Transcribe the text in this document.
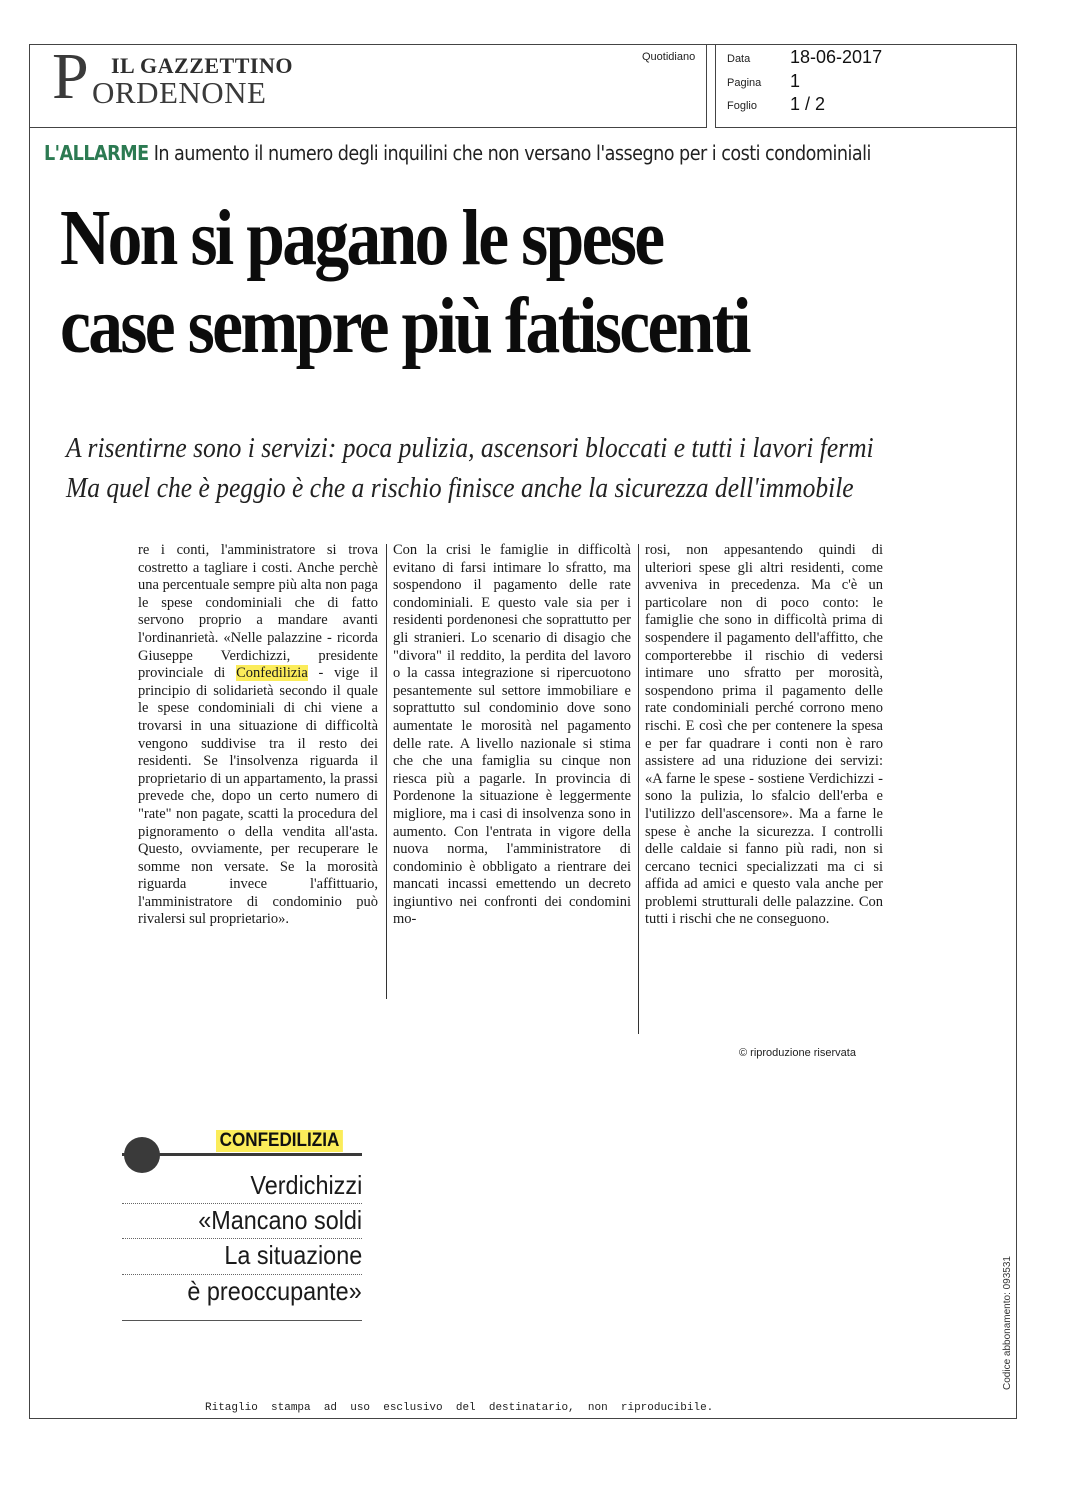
IL GAZZETTINO
P ORDENONE
Quotidiano	Data 18-06-2017
Pagina 1
Foglio 1 / 2
L'ALLARME In aumento il numero degli inquilini che non versano l'assegno per i costi condominiali
Non si pagano le spese
case sempre più fatiscenti
A risentirne sono i servizi: poca pulizia, ascensori bloccati e tutti i lavori fermi
Ma quel che è peggio è che a rischio finisce anche la sicurezza dell'immobile

re i conti, l'amministratore si trova costretto a tagliare i costi. Anche perchè una percentuale sempre più alta non paga le spese condominiali che di fatto servono proprio a mandare avanti l'ordinanrietà. «Nelle palazzine - ricorda Giuseppe Verdichizzi, presidente provinciale di Confedilizia - vige il principio di solidarietà secondo il quale le spese condominiali di chi viene a trovarsi in una situazione di difficoltà vengono suddivise tra il resto dei residenti. Se l'insolvenza riguarda il proprietario di un appartamento, la prassi prevede che, dopo un certo numero di "rate" non pagate, scatti la procedura del pignoramento o della vendita all'asta. Questo, ovviamente, per recuperare le somme non versate. Se la morosità riguarda invece l'affittuario, l'amministratore di condominio può rivalersi sul proprietario».

Con la crisi le famiglie in difficoltà evitano di farsi intimare lo sfratto, ma sospendono il pagamento delle rate condominiali. E questo vale sia per i residenti pordenonesi che soprattutto per gli stranieri. Lo scenario di disagio che "divora" il reddito, la perdita del lavoro o la cassa integrazione si ripercuotono pesantemente sul settore immobiliare e soprattutto sul condominio dove sono aumentate le morosità nel pagamento delle rate. A livello nazionale si stima che che una famiglia su cinque non riesca più a pagarle. In provincia di Pordenone la situazione è leggermente migliore, ma i casi di insolvenza sono in aumento. Con l'entrata in vigore della nuova norma, l'amministratore di condominio è obbligato a rientrare dei mancati incassi emettendo un decreto ingiuntivo nei confronti dei condomini mo-

rosi, non appesantendo quindi di ulteriori spese gli altri residenti, come avveniva in precedenza. Ma c'è un particolare non di poco conto: le famiglie che sono in difficoltà prima di sospendere il pagamento dell'affitto, che comporterebbe il rischio di vedersi intimare uno sfratto per morosità, sospendono prima il pagamento delle rate condominiali perché corrono meno rischi. E così che per contenere la spesa e per far quadrare i conti non è raro assistere ad una riduzione dei servizi: «A farne le spese - sostiene Verdichizzi - sono la pulizia, lo sfalcio dell'erba e l'utilizzo dell'ascensore». Ma a farne le spese è anche la sicurezza. I controlli delle caldaie si fanno più radi, non si cercano tecnici specializzati ma ci si affida ad amici e questo vala anche per problemi strutturali delle palazzine. Con tutti i rischi che ne conseguono.

© riproduzione riservata
CONFEDILIZIA
Verdichizzi
«Mancano soldi
La situazione
è preoccupante»
Ritaglio  stampa  ad  uso  esclusivo  del  destinatario,  non  riproducibile.
Codice abbonamento: 093531
